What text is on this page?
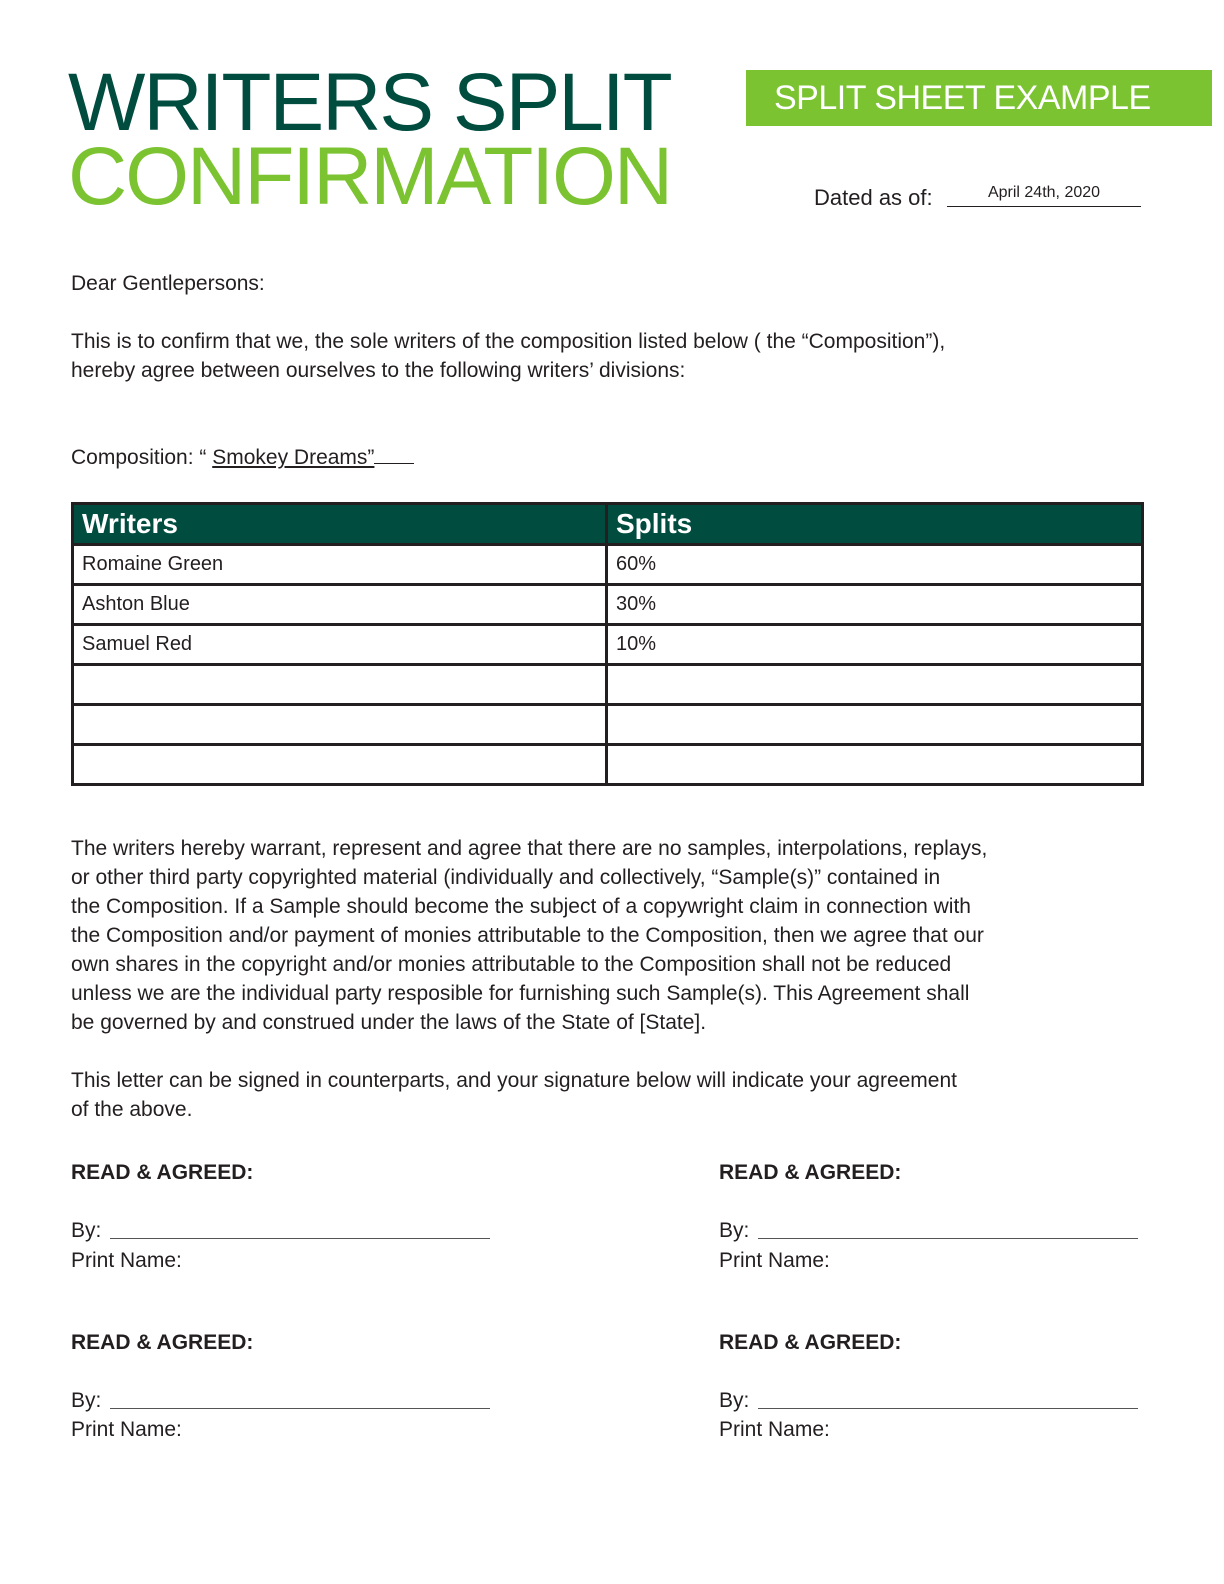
WRITERS SPLIT
CONFIRMATION
SPLIT SHEET EXAMPLE
Dated as of:	April 24th, 2020
Dear Gentlepersons:
This is to confirm that we, the sole writers of the composition listed below ( the “Composition”),
hereby agree between ourselves to the following writers’ divisions:
Composition: “ Smokey Dreams”
Writers	Splits
Romaine Green	60%
Ashton Blue	30%
Samuel Red	10%

The writers hereby warrant, represent and agree that there are no samples, interpolations, replays,
or other third party copyrighted material (individually and collectively, “Sample(s)” contained in
the Composition. If a Sample should become the subject of a copywright claim in connection with
the Composition and/or payment of monies attributable to the Composition, then we agree that our
own shares in the copyright and/or monies attributable to the Composition shall not be reduced
unless we are the individual party resposible for furnishing such Sample(s). This Agreement shall
be governed by and construed under the laws of the State of [State].
This letter can be signed in counterparts, and your signature below will indicate your agreement
of the above.
READ & AGREED:
By:
Print Name:
READ & AGREED:
By:
Print Name:
READ & AGREED:
By:
Print Name:
READ & AGREED:
By:
Print Name:
